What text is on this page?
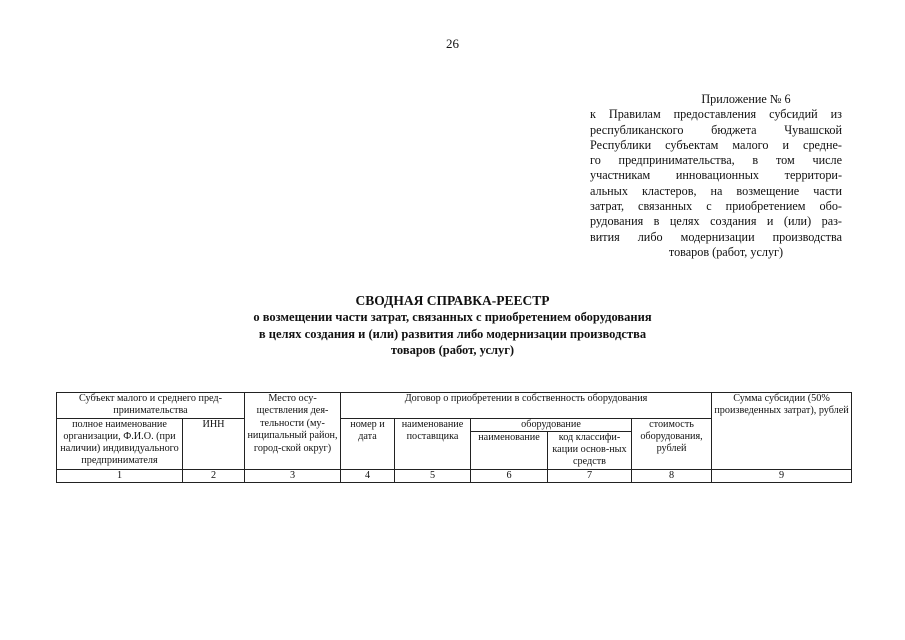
26
Приложение № 6
к Правилам предоставления субсидий из
республиканского бюджета Чувашской
Республики субъектам малого и средне-
го предпринимательства, в том числе
участникам инновационных территори-
альных кластеров, на возмещение части
затрат, связанных с приобретением обо-
рудования в целях создания и (или) раз-
вития либо модернизации производства
товаров (работ, услуг)
СВОДНАЯ СПРАВКА-РЕЕСТР
о возмещении части затрат, связанных с приобретением оборудования
в целях создания и (или) развития либо модернизации производства
товаров (работ, услуг)
Субъект малого и среднего пред-принимательства		Место осу-ществления дея-	Договор о приобретении в собственность оборудования					Сумма субсидии (50% произведенных затрат), рублей
полное наименование организации, Ф.И.О. (при наличии) индивидуального предпринимателя	ИНН	тельности (му-ниципальный район, город-ской округ)	номер и дата	наименование поставщика	оборудование		стоимость оборудования, рублей	
					наименование	код классифи-кации основ-ных средств		
1	2	3	4	5	6	7	8	9
